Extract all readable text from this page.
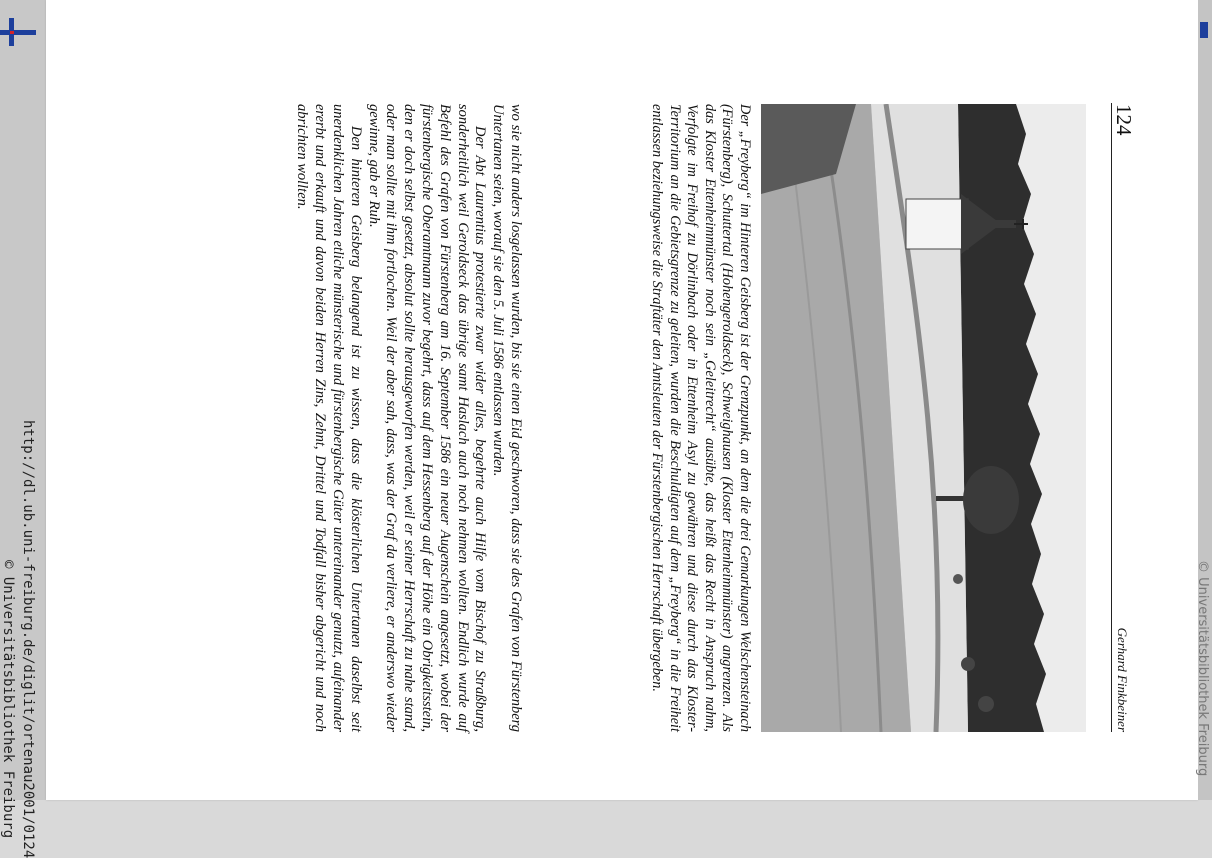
© Universitätsbibliothek Freiburg http://dl.ub.uni-freiburg.de/diglit/ortenau2001/0124
124
Gerhard Finkbeiner

Der „Freyberg“ im Hinteren Geisberg ist der Grenzpunkt, an dem die drei Gemarkungen Welschensteinach (Fürstenberg), Schuttertal (Hohengeroldseck), Schweighausen (Kloster Ettenheimmünster) angrenzen. Als das Kloster Ettenheimmünster noch sein „Geleitrecht“ ausübte, das heißt das Recht in Anspruch nahm, Verfolgte im Freihof zu Dörlinbach oder in Ettenheim Asyl zu gewähren und diese durch das Kloster-Territorium an die Gebietsgrenze zu geleiten, wurden die Beschuldigten auf dem „Freyberg“ in die Freiheit entlassen beziehungsweise die Straftäter den Amtsleuten der Fürstenbergischen Herrschaft übergeben.

wo sie nicht anders losgelassen wurden, bis sie einen Eid geschworen, dass sie des Grafen von Fürstenberg Untertanen seien, worauf sie den 5. Juli 1586 entlassen wurden.

Der Abt Laurentius protestierte zwar wider alles, begehrte auch Hilfe vom Bischof zu Straßburg, sonderheitlich weil Geroldseck das übrige samt Haslach auch noch nehmen wollten. Endlich wurde auf Befehl des Grafen von Fürstenberg am 16. September 1586 ein neuer Augenschein angesetzt, wobei der fürstenbergische Oberamtmann zuvor begehrt, dass auf dem Hessenberg auf der Höhe ein Obrigkeitsstein, den er doch selbst gesetzt, absolut sollte herausgeworfen werden, weil er seiner Herrschaft zu nahe stand, oder man sollte mit ihm fortlochen. Weil der aber sah, dass, was der Graf da verliere, er anderswo wieder gewinne, gab er Ruh.

Den hinteren Geisberg belangend ist zu wissen, dass die klösterlichen Untertanen daselbst seit unerdenklichen Jahren etliche münsterische und fürstenbergische Güter untereinander genutzt, aufeinander ererbt und erkauft und davon beiden Herren Zins, Zehnt, Drittel und Todfall bisher abgericht und noch abrichten wollten.

© Universitätsbibliothek Freiburg
